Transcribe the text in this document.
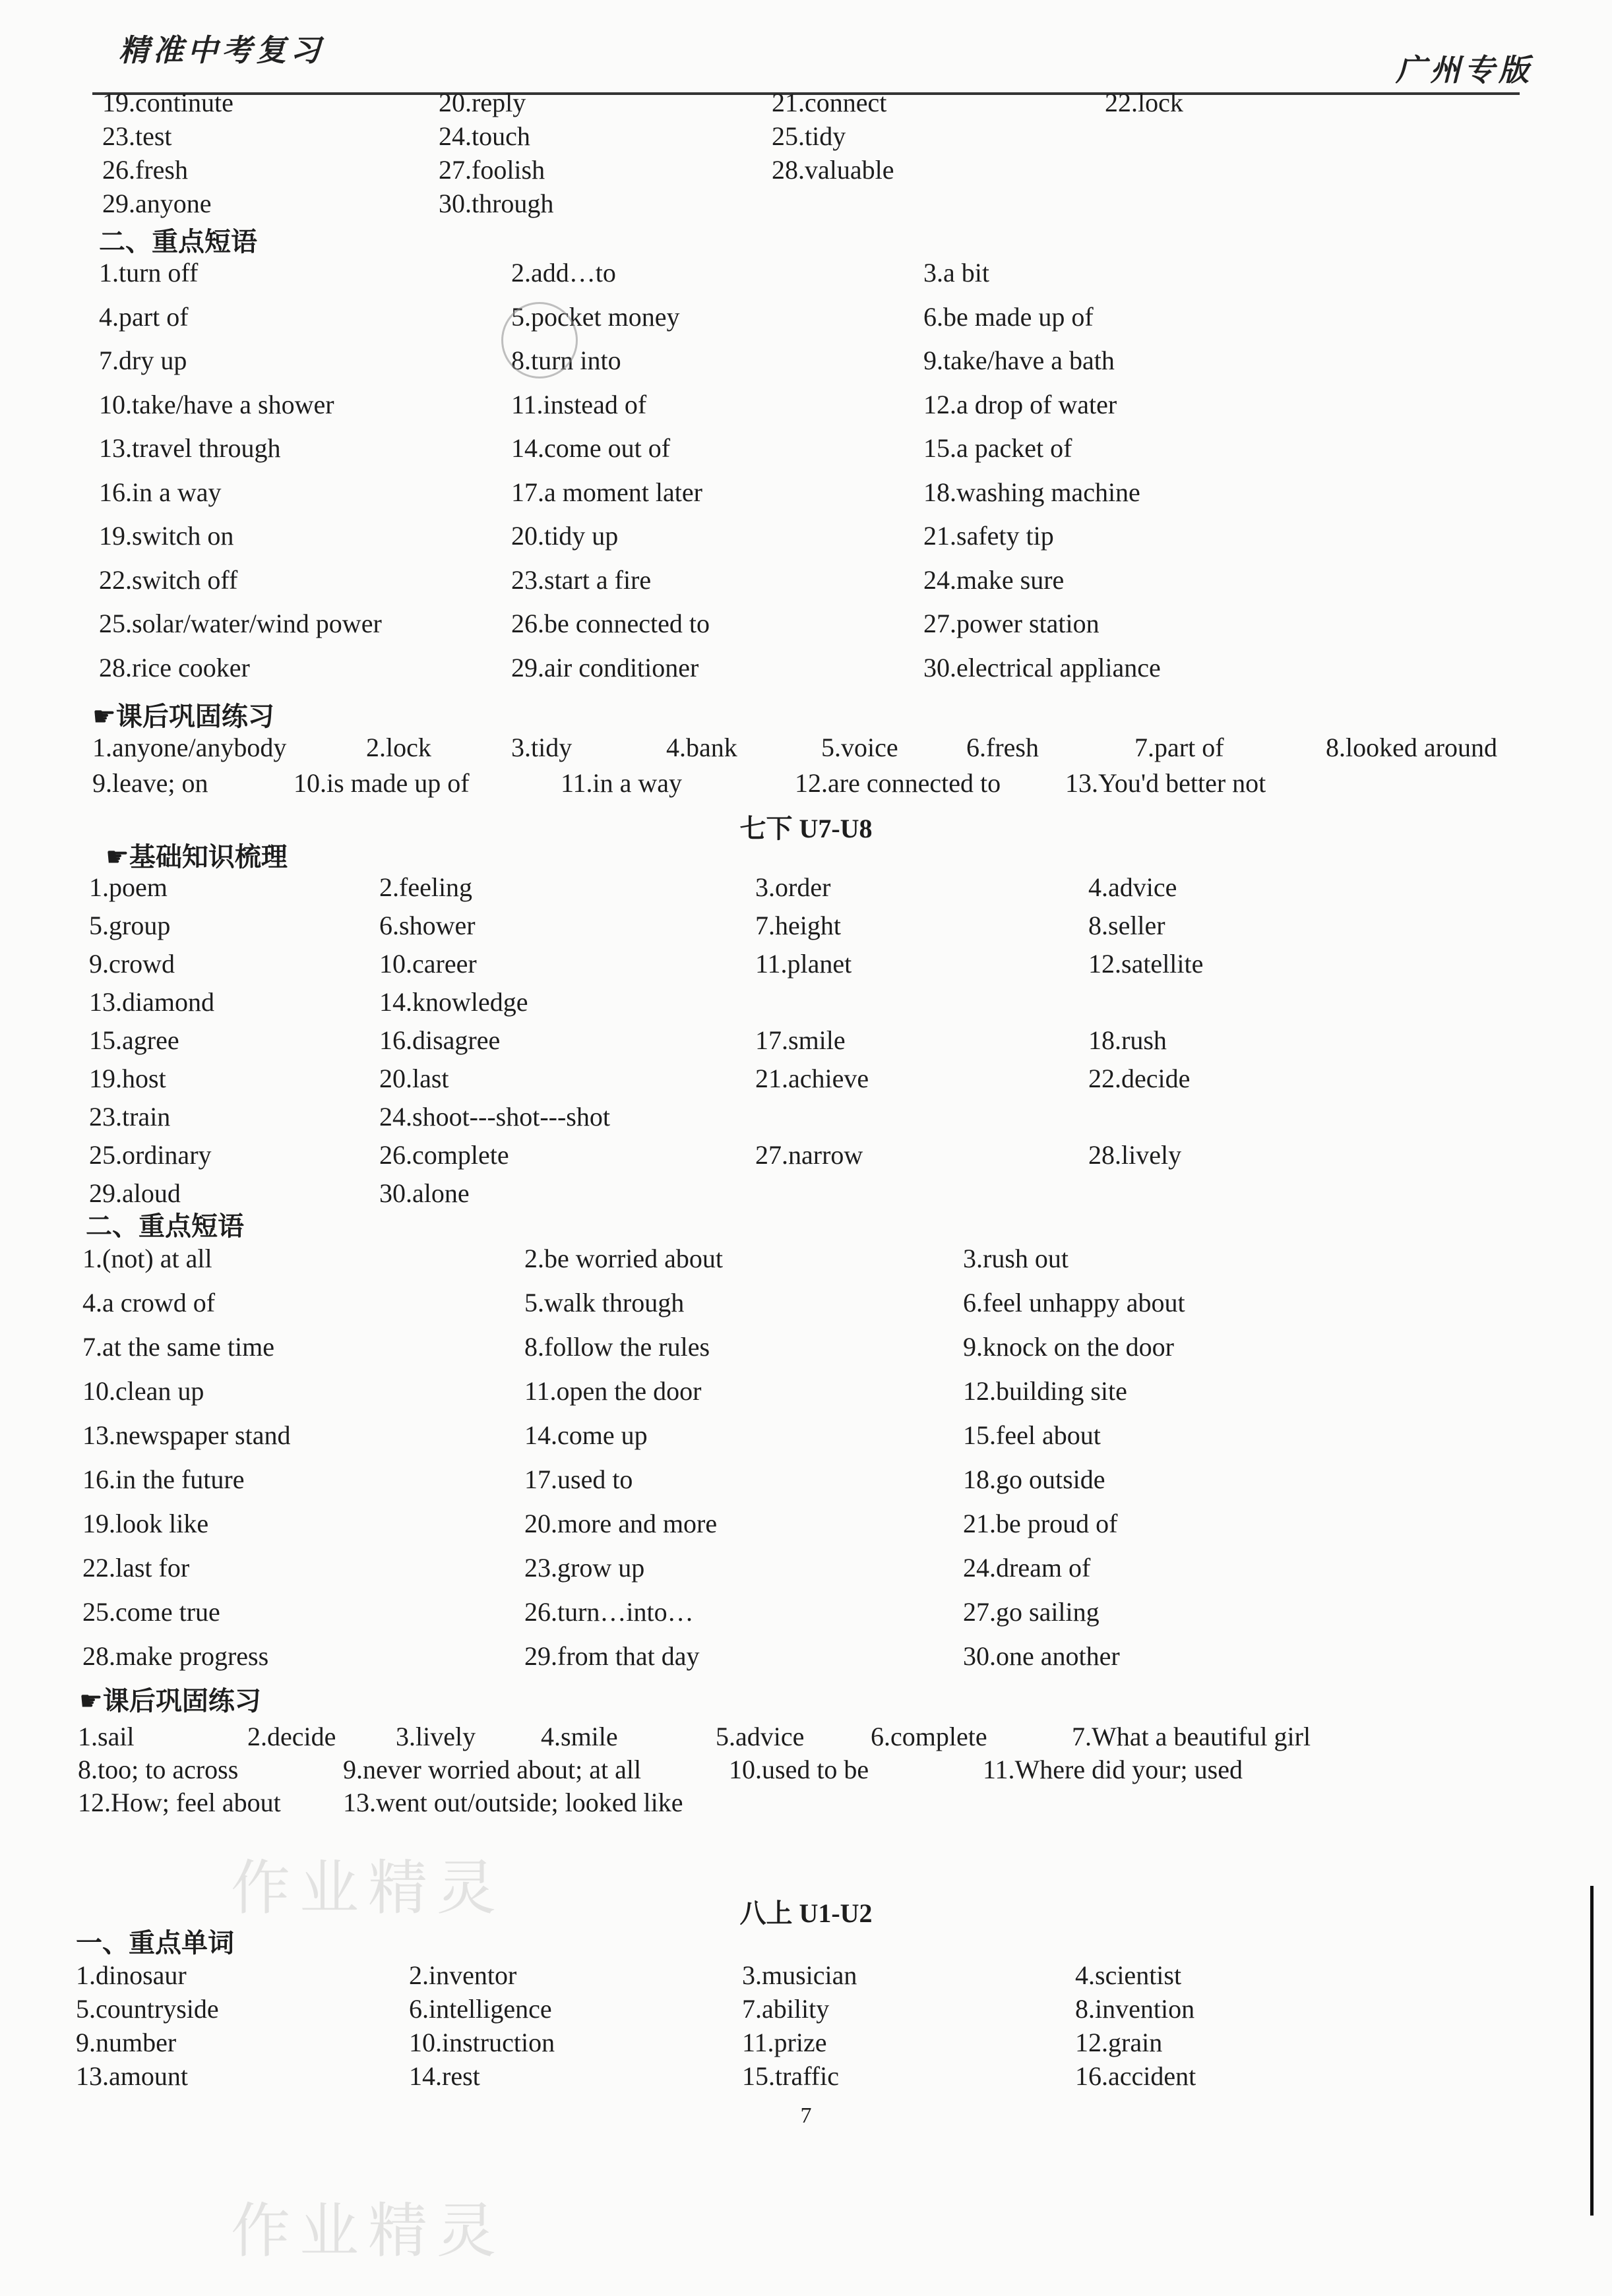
精准中考复习
广州专版
19.continute	20.reply	21.connect	22.lock
23.test	24.touch	25.tidy
26.fresh	27.foolish	28.valuable
29.anyone	30.through
二、重点短语
1.turn off	2.add…to	3.a bit
4.part of	5.pocket money	6.be made up of
7.dry up	8.turn into	9.take/have a bath
10.take/have a shower	11.instead of	12.a drop of water
13.travel through	14.come out of	15.a packet of
16.in a way	17.a moment later	18.washing machine
19.switch on	20.tidy up	21.safety tip
22.switch off	23.start a fire	24.make sure
25.solar/water/wind power	26.be connected to	27.power station
28.rice cooker	29.air conditioner	30.electrical appliance
☛课后巩固练习
1.anyone/anybody	2.lock	3.tidy	4.bank	5.voice	6.fresh	7.part of	8.looked around
9.leave; on	10.is made up of	11.in a way	12.are connected to 13.You'd better not
七下 U7-U8
☛基础知识梳理
1.poem	2.feeling	3.order	4.advice
5.group	6.shower	7.height	8.seller
9.crowd	10.career	11.planet	12.satellite
13.diamond	14.knowledge
15.agree	16.disagree	17.smile	18.rush
19.host	20.last	21.achieve	22.decide
23.train	24.shoot---shot---shot
25.ordinary	26.complete	27.narrow	28.lively
29.aloud	30.alone
二、重点短语
1.(not) at all	2.be worried about	3.rush out
4.a crowd of	5.walk through	6.feel unhappy about
7.at the same time	8.follow the rules	9.knock on the door
10.clean up	11.open the door	12.building site
13.newspaper stand	14.come up	15.feel about
16.in the future	17.used to	18.go outside
19.look like	20.more and more	21.be proud of
22.last for	23.grow up	24.dream of
25.come true	26.turn…into…	27.go sailing
28.make progress	29.from that day	30.one another
☛课后巩固练习
1.sail	2.decide 3.lively 4.smile	5.advice	6.complete	7.What a beautiful girl
8.too; to across	9.never worried about; at all	10.used to be	11.Where did your; used
12.How; feel about 13.went out/outside; looked like
八上 U1-U2
一、重点单词
1.dinosaur	2.inventor	3.musician	4.scientist
5.countryside	6.intelligence	7.ability	8.invention
9.number	10.instruction	11.prize	12.grain
13.amount	14.rest	15.traffic	16.accident
7
作业精灵
作业精灵
